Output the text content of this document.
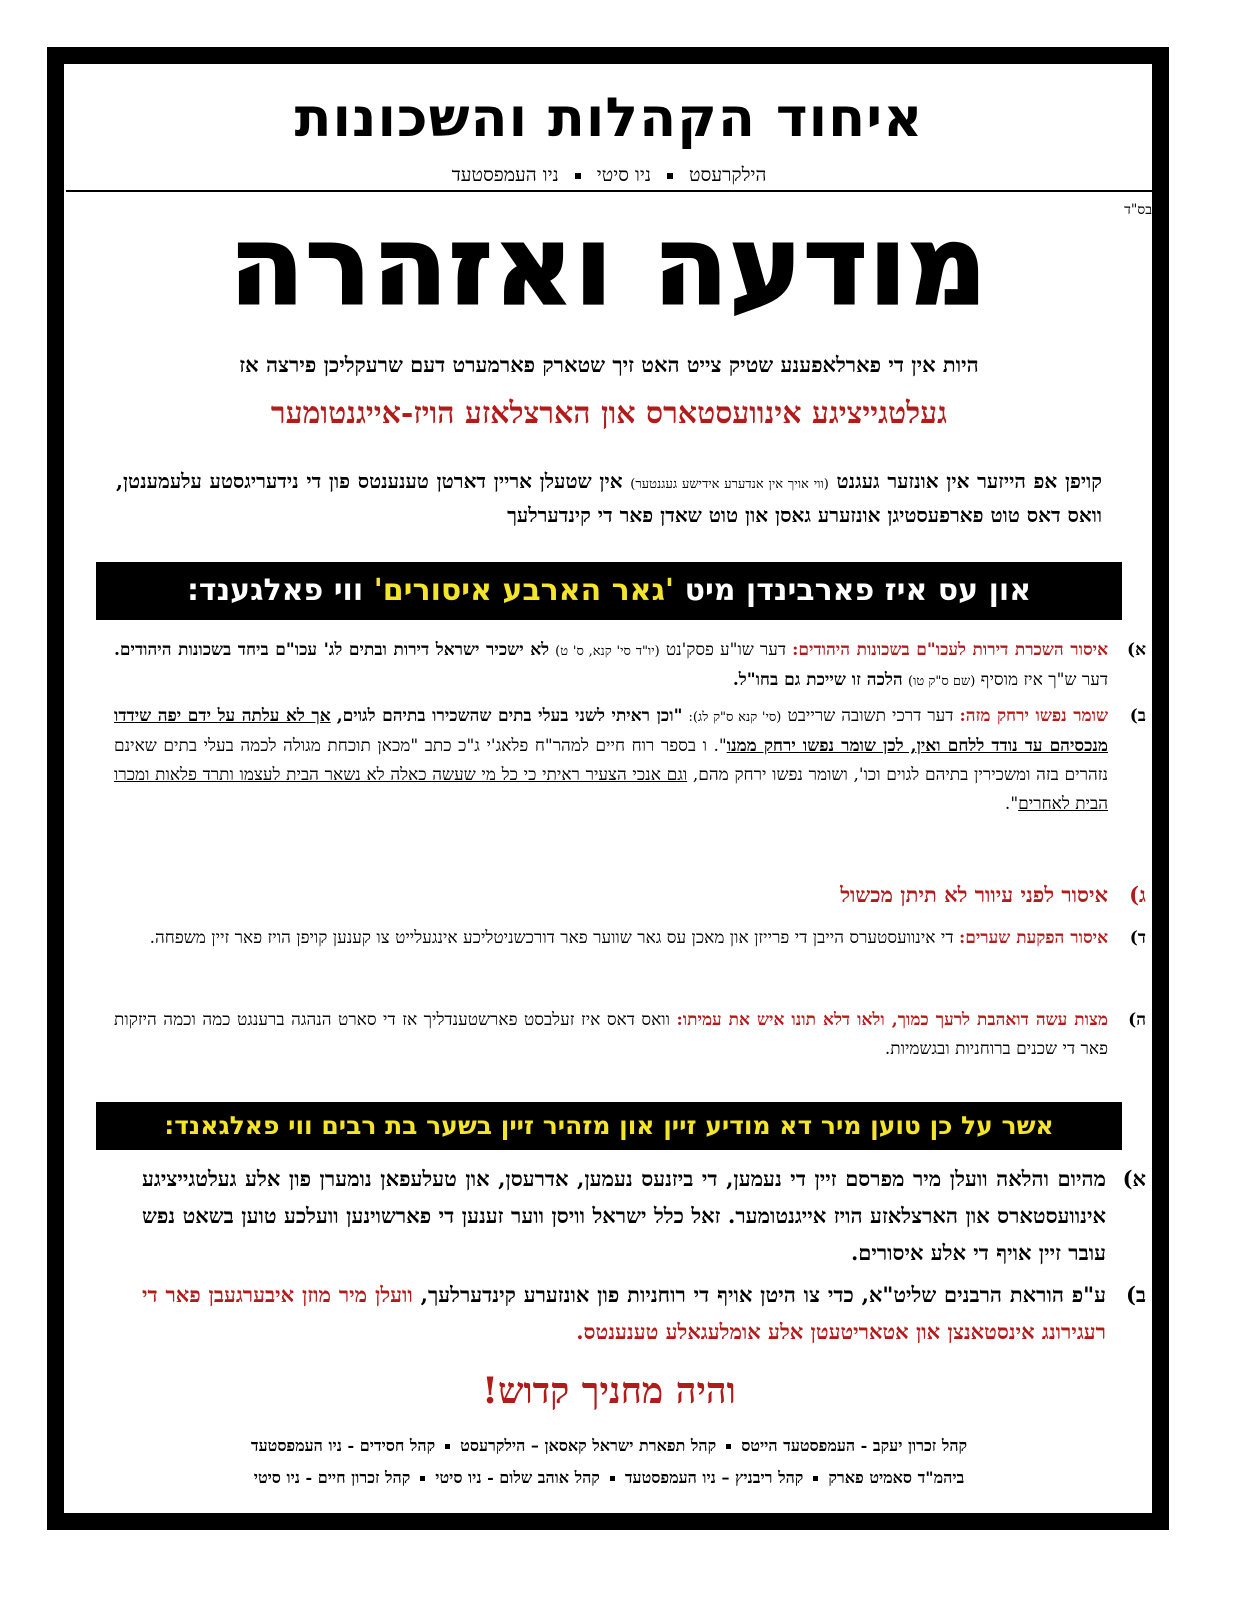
איחוד הקהלות והשכונות
הילקרעסטניו סיטיניו העמפסטעד
בס"ד
מודעה ואזהרה
היות אין די פארלאפענע שטיק צייט האט זיך שטארק פארמערט דעם שרעקליכן פירצה אז
געלטגייציגע אינוועסטארס און הארצלאזע הויז-אייגנטומער
קויפן אפ הייזער אין אונזער געגנט (ווי אויך אין אנדערע אידישע געגנטער) אין שטעלן אריין דארטן טענענטס פון די נידעריגסטע עלעמענטן, וואס דאס טוט פארפעסטיגן אונזערע גאסן און טוט שאדן פאר די קינדערלעך
און עס איז פארבינדן מיט 'גאר הארבע איסורים' ווי פאלגענד:
א)
איסור השכרת דירות לעכו"ם בשכונות היהודים: דער שו"ע פסק'נט (יו"ד סי' קנא, ס' ט) לא ישכיר ישראל דירות ובתים לג' עכו"ם ביחד בשכונות היהודים. דער ש"ך איז מוסיף (שם ס"ק טו) הלכה זו שייכת גם בחו"ל.
ב)
שומר נפשו ירחק מזה: דער דרכי תשובה שרייבט (סי' קנא ס"ק לג): "וכן ראיתי לשני בעלי בתים שהשכירו בתיהם לגוים, אך לא עלתה על ידם יפה שידדו מנכסיהם עד נודד ללחם ואין, לכן שומר נפשו ירחק ממנו". ו בספר רוח חיים למהר"ח פלאג'י ג"כ כתב "מכאן תוכחת מגולה לכמה בעלי בתים שאינם נזהרים בזה ומשכירין בתיהם לגוים וכו', ושומר נפשו ירחק מהם, וגם אנכי הצעיר ראיתי כי כל מי שעשה כאלה לא נשאר הבית לעצמו ותרד פלאות ומכרו הבית לאחרים".
ג)
איסור לפני עיוור לא תיתן מכשול
ד)
איסור הפקעת שערים: די אינוועסטערס הייבן די פרייזן און מאכן עס גאר שווער פאר דורכשניטליכע אינגעלייט צו קענען קויפן הויז פאר זיין משפחה.
ה)
מצות עשה דואהבת לרעך כמוך, ולאו דלא תונו איש את עמיתו: וואס דאס איז זעלבסט פארשטענדליך אז די סארט הנהגה ברענגט כמה וכמה היזקות פאר די שכנים ברוחניות ובגשמיות.
אשר על כן טוען מיר דא מודיע זיין און מזהיר זיין בשער בת רבים ווי פאלגאנד:
א)
מהיום והלאה וועלן מיר מפרסם זיין די נעמען, די ביזנעס נעמען, אדרעסן, און טעלעפאן נומערן פון אלע געלטגייציגע אינוועסטארס און הארצלאזע הויז אייגנטומער. זאל כלל ישראל וויסן ווער זענען די פארשוינען וועלכע טוען בשאט נפש עובר זיין אויף די אלע איסורים.
ב)
ע"פ הוראת הרבנים שליט"א, כדי צו היטן אויף די רוחניות פון אונזערע קינדערלעך, וועלן מיר מוזן איבערגעבן פאר די רעגירונג אינסטאנצן און אטאריטעטן אלע אומלעגאלע טענענטס.
והיה מחניך קדוש!
קהל זכרון יעקב - העמפסטעד הייטסקהל תפארת ישראל קאסאן – הילקרעסטקהל חסידים - ניו העמפסטעד
ביהמ"ד סאמיט פארקקהל ריבניץ – ניו העמפסטעדקהל אוהב שלום - ניו סיטיקהל זכרון חיים - ניו סיטי
